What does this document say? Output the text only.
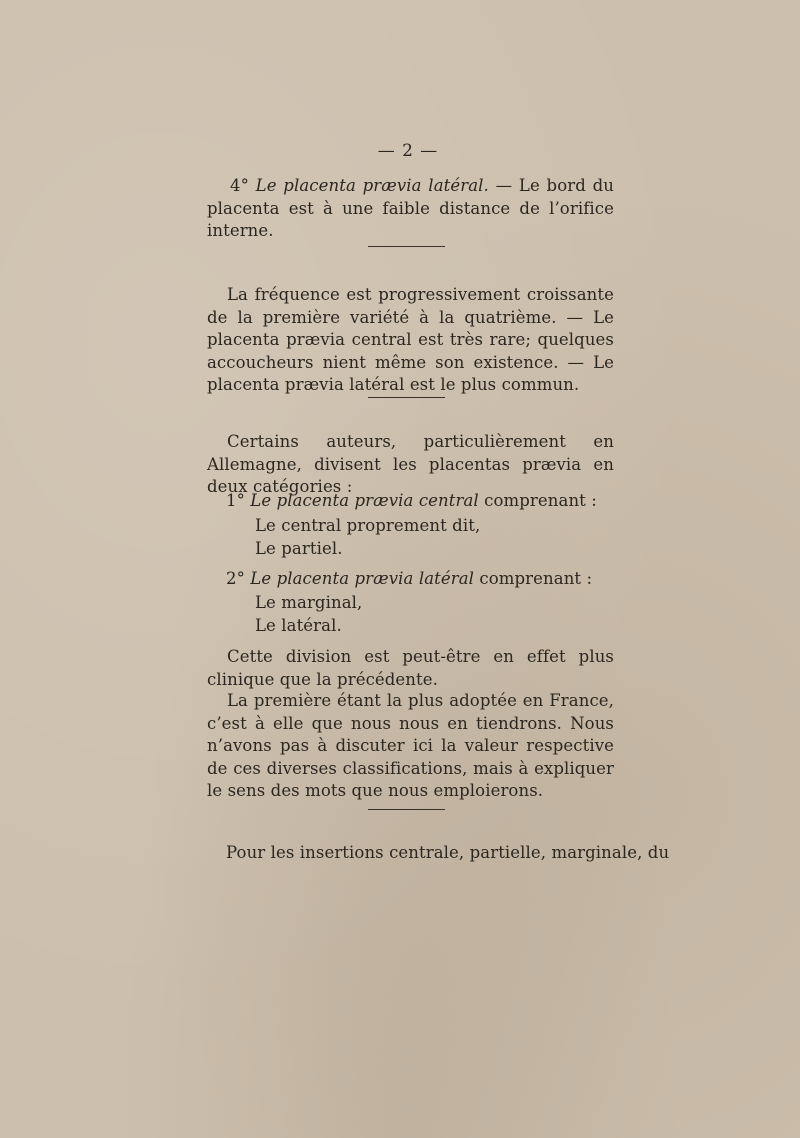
— 2 —

4° Le placenta prævia latéral. — Le bord du placenta est à une faible distance de l’orifice interne.

La fréquence est progressivement croissante de la première variété à la quatrième. — Le placenta prævia central est très rare; quelques accoucheurs nient même son existence. — Le placenta prævia latéral est le plus commun.

Certains auteurs, particulièrement en Allemagne, divisent les placentas prævia en deux catégories :

1° Le placenta prævia central comprenant :

Le central proprement dit,
Le partiel.

2° Le placenta prævia latéral comprenant :

Le marginal,
Le latéral.

Cette division est peut-être en effet plus clinique que la précédente.

La première étant la plus adoptée en France, c’est à elle que nous nous en tiendrons. Nous n’avons pas à discuter ici la valeur respective de ces diverses classifications, mais à expliquer le sens des mots que nous emploierons.

Pour les insertions centrale, partielle, marginale, du
